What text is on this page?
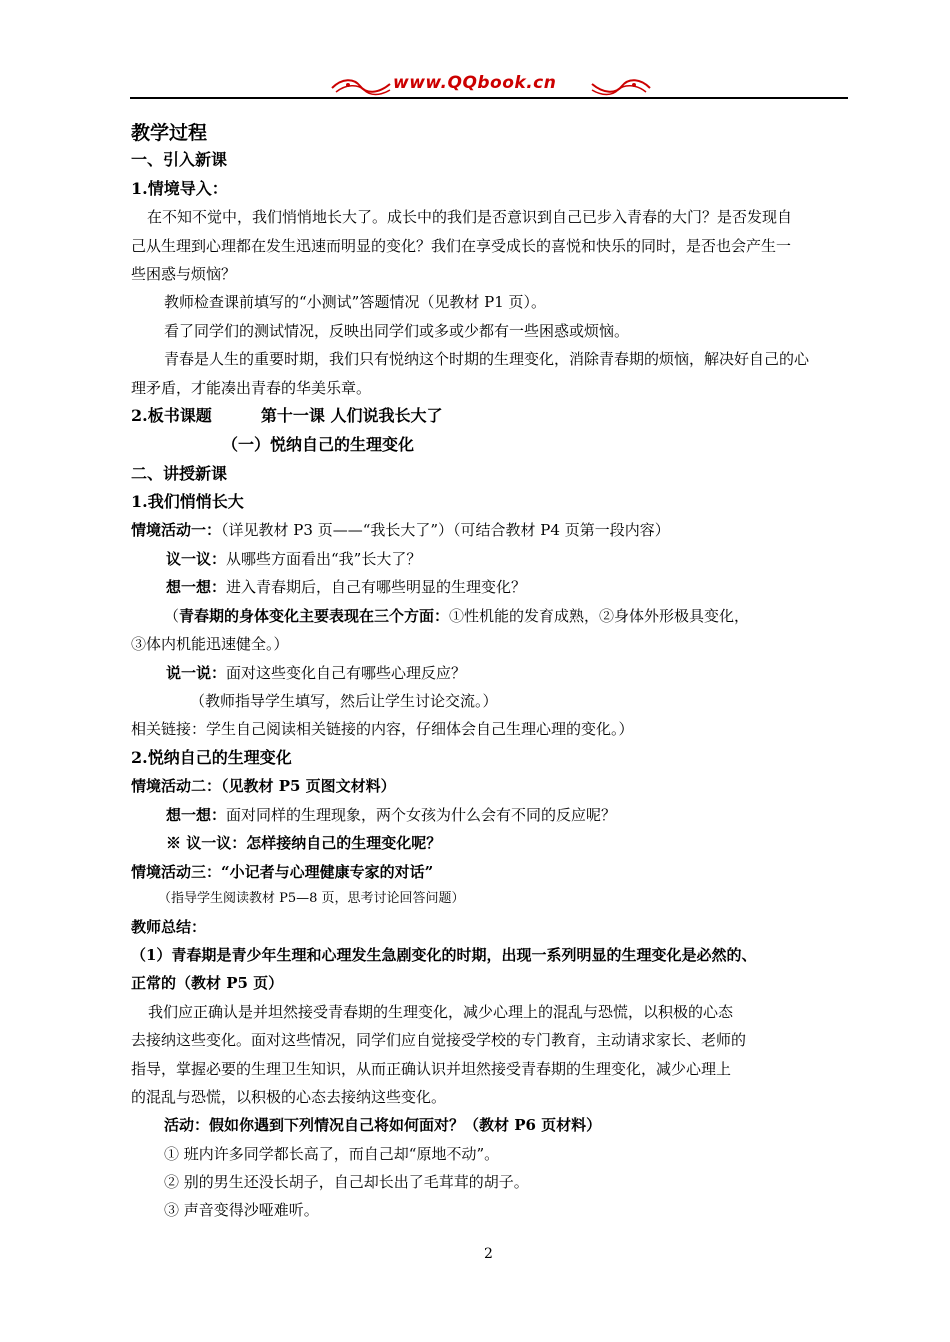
www.QQbook.cn
教学过程
一、引入新课
1.情境导入：
在不知不觉中，我们悄悄地长大了。成长中的我们是否意识到自己已步入青春的大门？是否发现自
己从生理到心理都在发生迅速而明显的变化？我们在享受成长的喜悦和快乐的同时，是否也会产生一
些困惑与烦恼？
教师检查课前填写的“小测试”答题情况（见教材 P1 页）。
看了同学们的测试情况，反映出同学们或多或少都有一些困惑或烦恼。
青春是人生的重要时期，我们只有悦纳这个时期的生理变化，消除青春期的烦恼，解决好自己的心
理矛盾，才能凑出青春的华美乐章。
2.板书课题	第十一课 人们说我长大了
（一）悦纳自己的生理变化
二、讲授新课
1.我们悄悄长大
情境活动一：（详见教材 P3 页——“我长大了”）（可结合教材 P4 页第一段内容）
议一议：从哪些方面看出“我”长大了？
想一想：进入青春期后，自己有哪些明显的生理变化？
（青春期的身体变化主要表现在三个方面：①性机能的发育成熟，②身体外形极具变化，
③体内机能迅速健全。）
说一说：面对这些变化自己有哪些心理反应？
（教师指导学生填写，然后让学生讨论交流。）
相关链接：学生自己阅读相关链接的内容，仔细体会自己生理心理的变化。）
2.悦纳自己的生理变化
情境活动二：（见教材 P5 页图文材料）
想一想：面对同样的生理现象，两个女孩为什么会有不同的反应呢？
※ 议一议：怎样接纳自己的生理变化呢？
情境活动三：“小记者与心理健康专家的对话”
（指导学生阅读教材 P5—8 页，思考讨论回答问题）
教师总结：
（1）青春期是青少年生理和心理发生急剧变化的时期，出现一系列明显的生理变化是必然的、
正常的（教材 P5 页）
我们应正确认是并坦然接受青春期的生理变化，减少心理上的混乱与恐慌，以积极的心态
去接纳这些变化。面对这些情况，同学们应自觉接受学校的专门教育，主动请求家长、老师的
指导，掌握必要的生理卫生知识，从而正确认识并坦然接受青春期的生理变化，减少心理上
的混乱与恐慌，以积极的心态去接纳这些变化。
活动：假如你遇到下列情况自己将如何面对？（教材 P6 页材料）
① 班内许多同学都长高了，而自己却“原地不动”。
② 别的男生还没长胡子，自己却长出了毛茸茸的胡子。
③ 声音变得沙哑难听。
2
